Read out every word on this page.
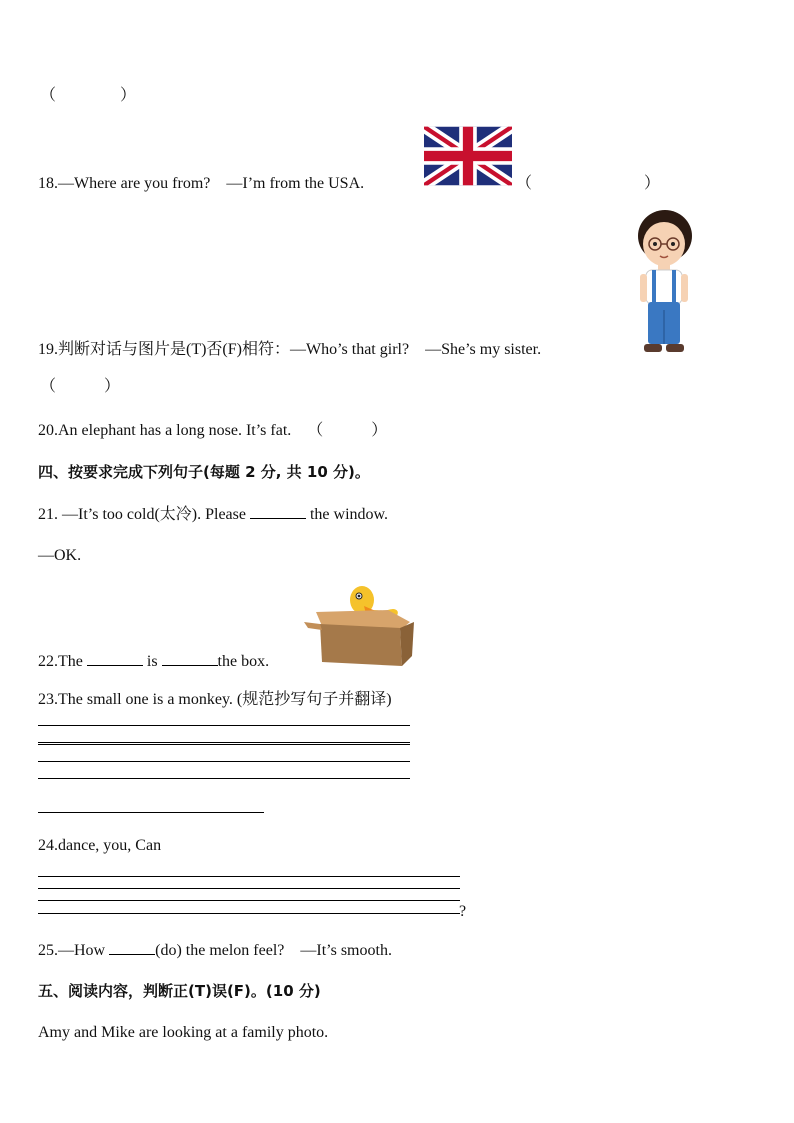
（　　　　）
18.—Where are you from?　—I’m from the USA.	（　　　　　　　）
19.判断对话与图片是(T)否(F)相符：—Who’s that girl?　—She’s my sister.
（　　　）
20.An elephant has a long nose. It’s fat. （　　　）
四、按要求完成下列句子(每题 2 分, 共 10 分)。
21. —It’s too cold(太冷). Please	the window.
—OK.
22.The	is	the box.
23.The small one is a monkey. (规范抄写句子并翻译)
24.dance, you, Can
?
25.—How	(do) the melon feel?　—It’s smooth.
五、阅读内容，判断正(T)误(F)。(10 分)
Amy and Mike are looking at a family photo.
